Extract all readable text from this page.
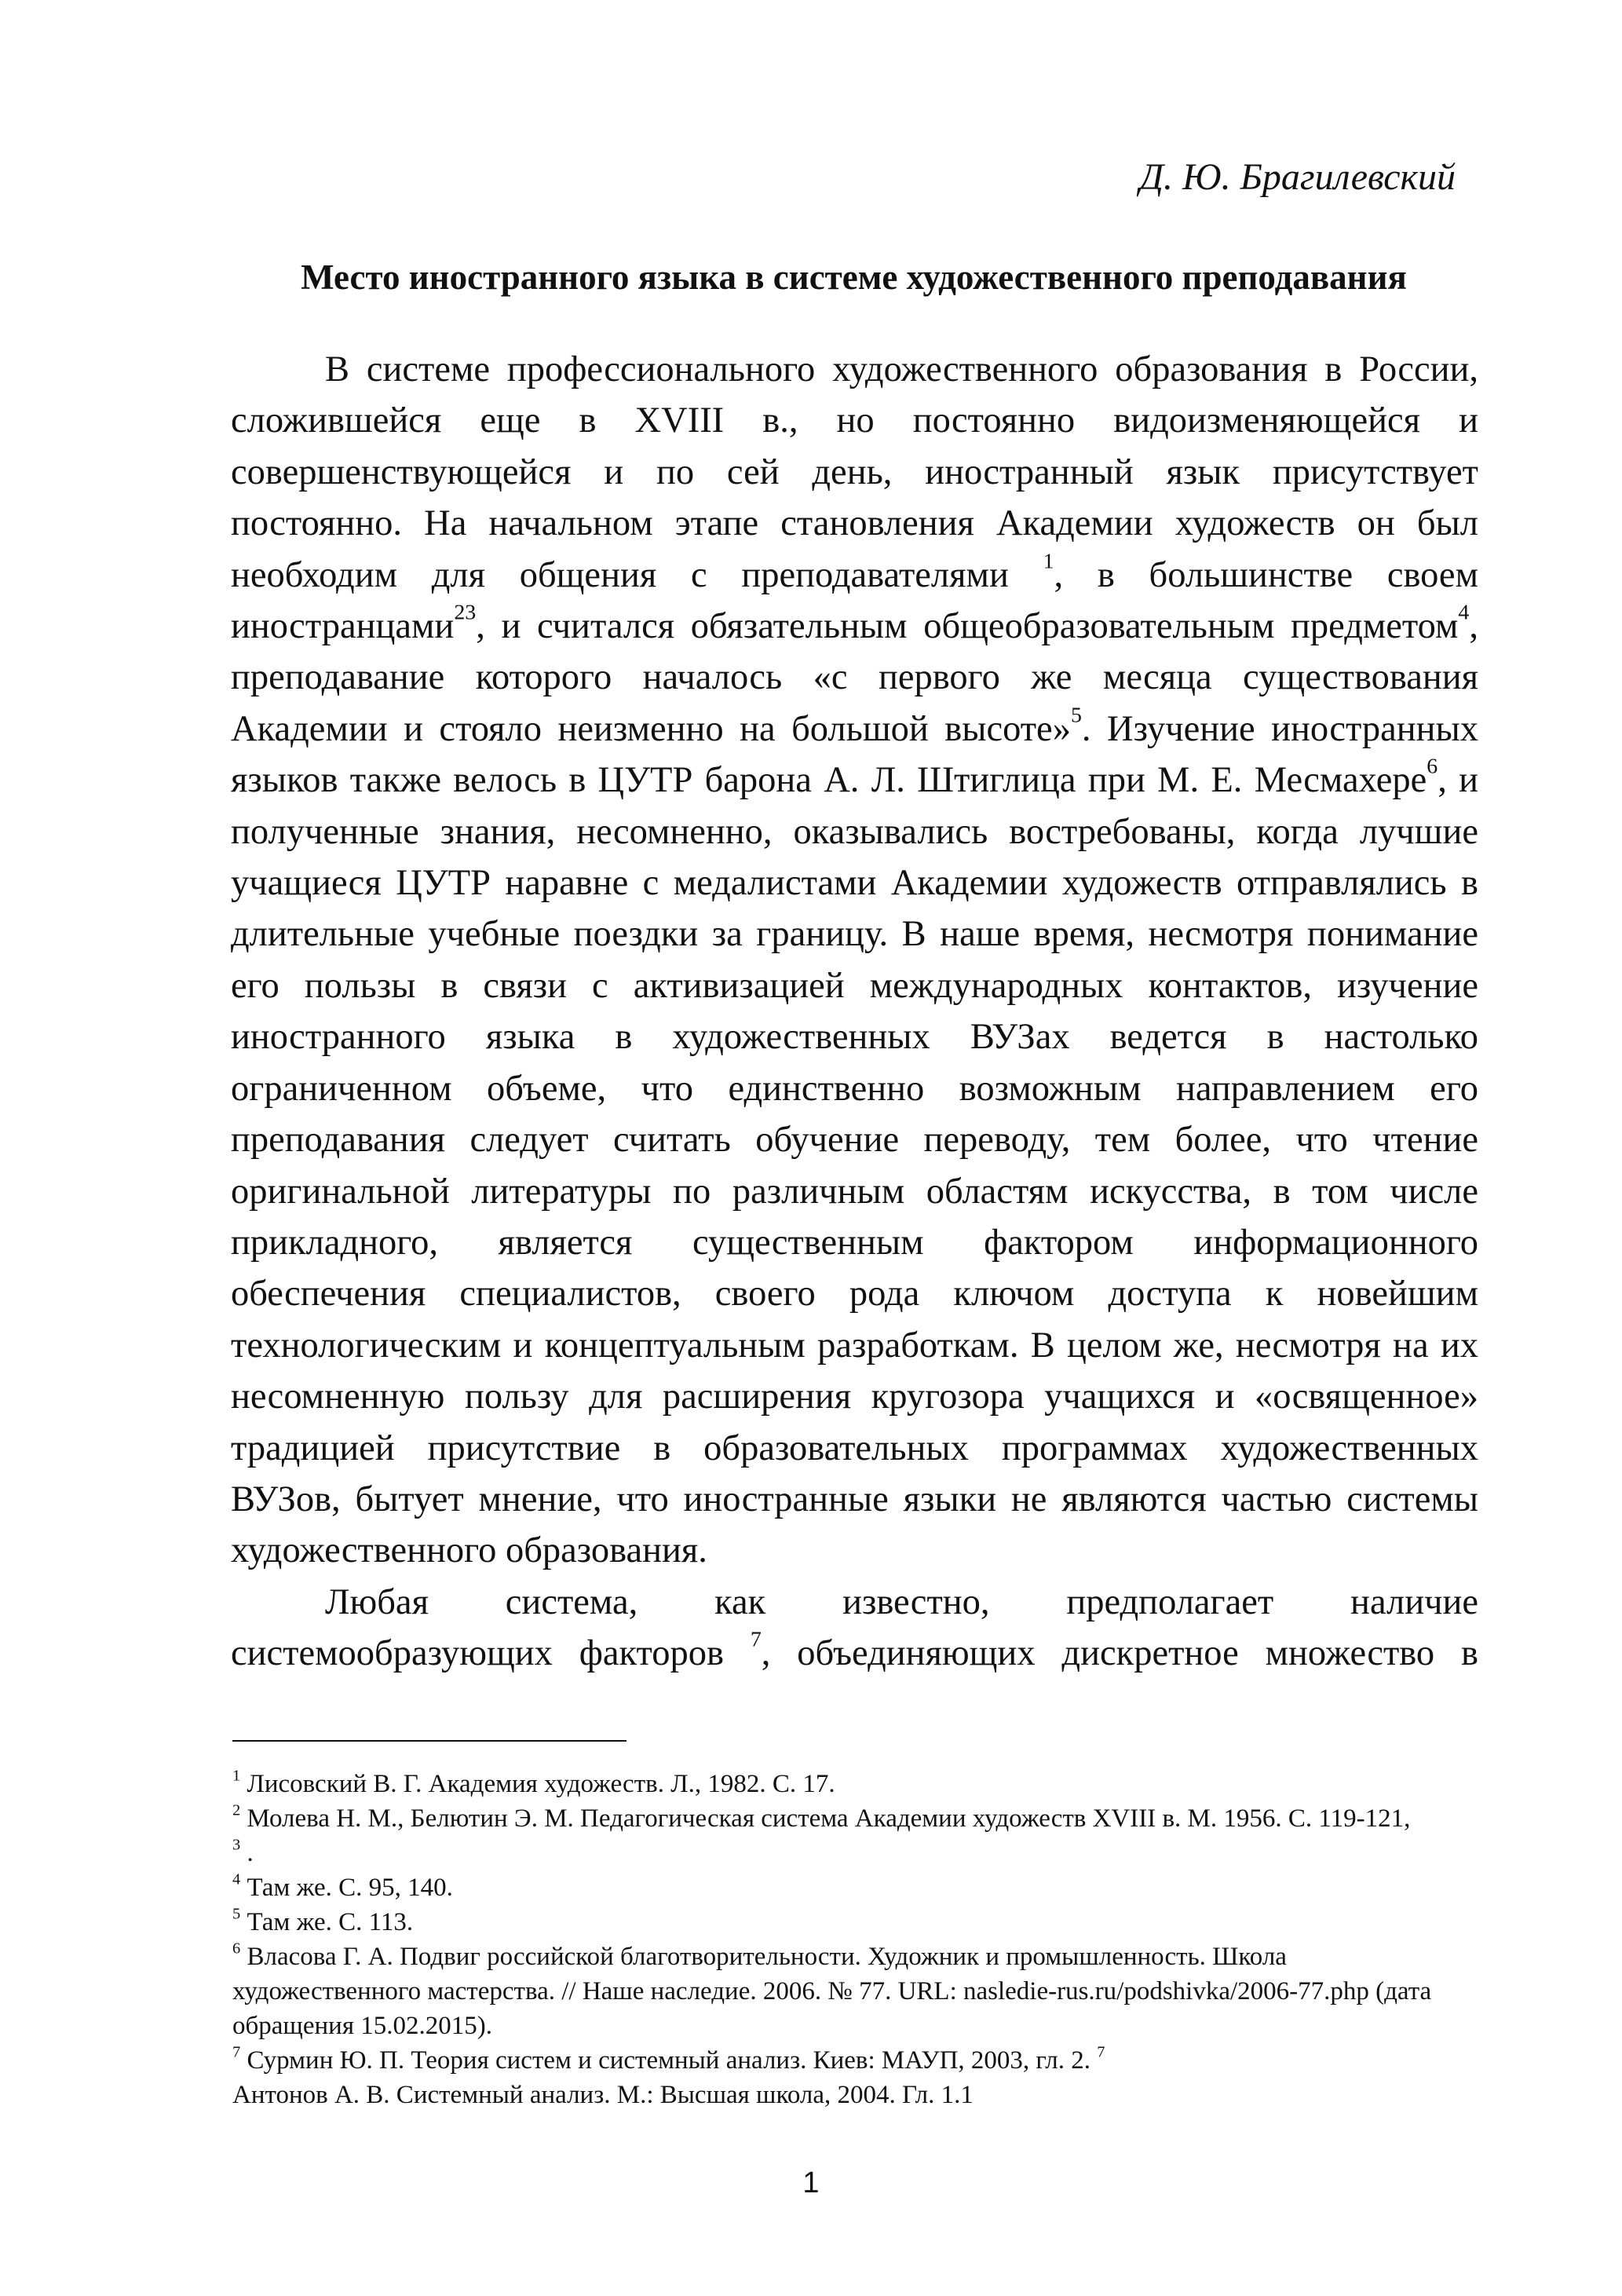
Д. Ю. Брагилевский
Место иностранного языка в системе художественного преподавания
В системе профессионального художественного образования в России,
сложившейся еще в XVIII в., но постоянно видоизменяющейся и
совершенствующейся и по сей день, иностранный язык присутствует
постоянно. На начальном этапе становления Академии художеств он был
необходим для общения с преподавателями $^1$, в большинстве своем
иностранцами$^{23}$, и считался обязательным общеобразовательным предметом$^4$,
преподавание которого началось «с первого же месяца существования
Академии и стояло неизменно на большой высоте»$^5$. Изучение иностранных
языков также велось в ЦУТР барона А. Л. Штиглица при М. Е. Месмахере$^6$, и
полученные знания, несомненно, оказывались востребованы, когда лучшие
учащиеся ЦУТР наравне с медалистами Академии художеств отправлялись в
длительные учебные поездки за границу. В наше время, несмотря понимание
его пользы в связи с активизацией международных контактов, изучение
иностранного языка в художественных ВУЗах ведется в настолько
ограниченном объеме, что единственно возможным направлением его
преподавания следует считать обучение переводу, тем более, что чтение
оригинальной литературы по различным областям искусства, в том числе
прикладного, является существенным фактором информационного
обеспечения специалистов, своего рода ключом доступа к новейшим
технологическим и концептуальным разработкам. В целом же, несмотря на их
несомненную пользу для расширения кругозора учащихся и «освященное»
традицией присутствие в образовательных программах художественных
ВУЗов, бытует мнение, что иностранные языки не являются частью системы
художественного образования.
Любая система, как известно, предполагает наличие
системообразующих факторов $^7$, объединяющих дискретное множество в

$^1$ Лисовский В. Г. Академия художеств. Л., 1982. С. 17.

$^2$ Молева Н. М., Белютин Э. М. Педагогическая система Академии художеств XVIII в. М. 1956. С. 119-121,

$^3$ .

$^4$ Там же. С. 95, 140.

$^5$ Там же. С. 113.

$^6$ Власова Г. А. Подвиг российской благотворительности. Художник и промышленность. Школа художественного мастерства. // Наше наследие. 2006. № 77. URL: nasledie-rus.ru/podshivka/2006-77.php (дата обращения 15.02.2015).

$^7$ Сурмин Ю. П. Теория систем и системный анализ. Киев: МАУП, 2003, гл. 2. $^7$

Антонов А. В. Системный анализ. М.: Высшая школа, 2004. Гл. 1.1

1
